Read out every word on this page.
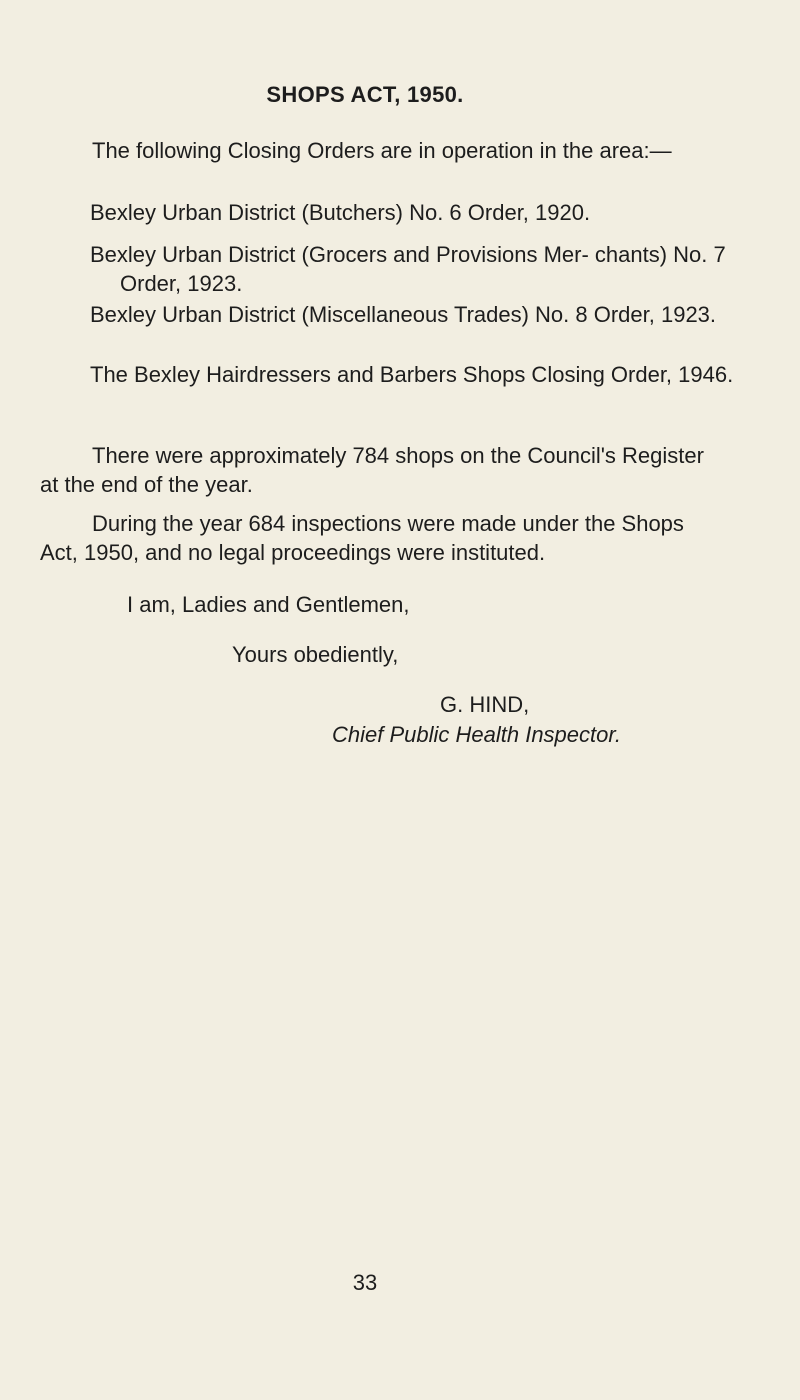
SHOPS ACT, 1950.

The following Closing Orders are in operation in the area:—

Bexley Urban District (Butchers) No. 6 Order, 1920.

Bexley Urban District (Grocers and Provisions Mer- chants) No. 7 Order, 1923.

Bexley Urban District (Miscellaneous Trades) No. 8 Order, 1923.

The Bexley Hairdressers and Barbers Shops Closing Order, 1946.

There were approximately 784 shops on the Council's Register at the end of the year.

During the year 684 inspections were made under the Shops Act, 1950, and no legal proceedings were instituted.

I am, Ladies and Gentlemen,
Yours obediently,
G. HIND,
Chief Public Health Inspector.
33
